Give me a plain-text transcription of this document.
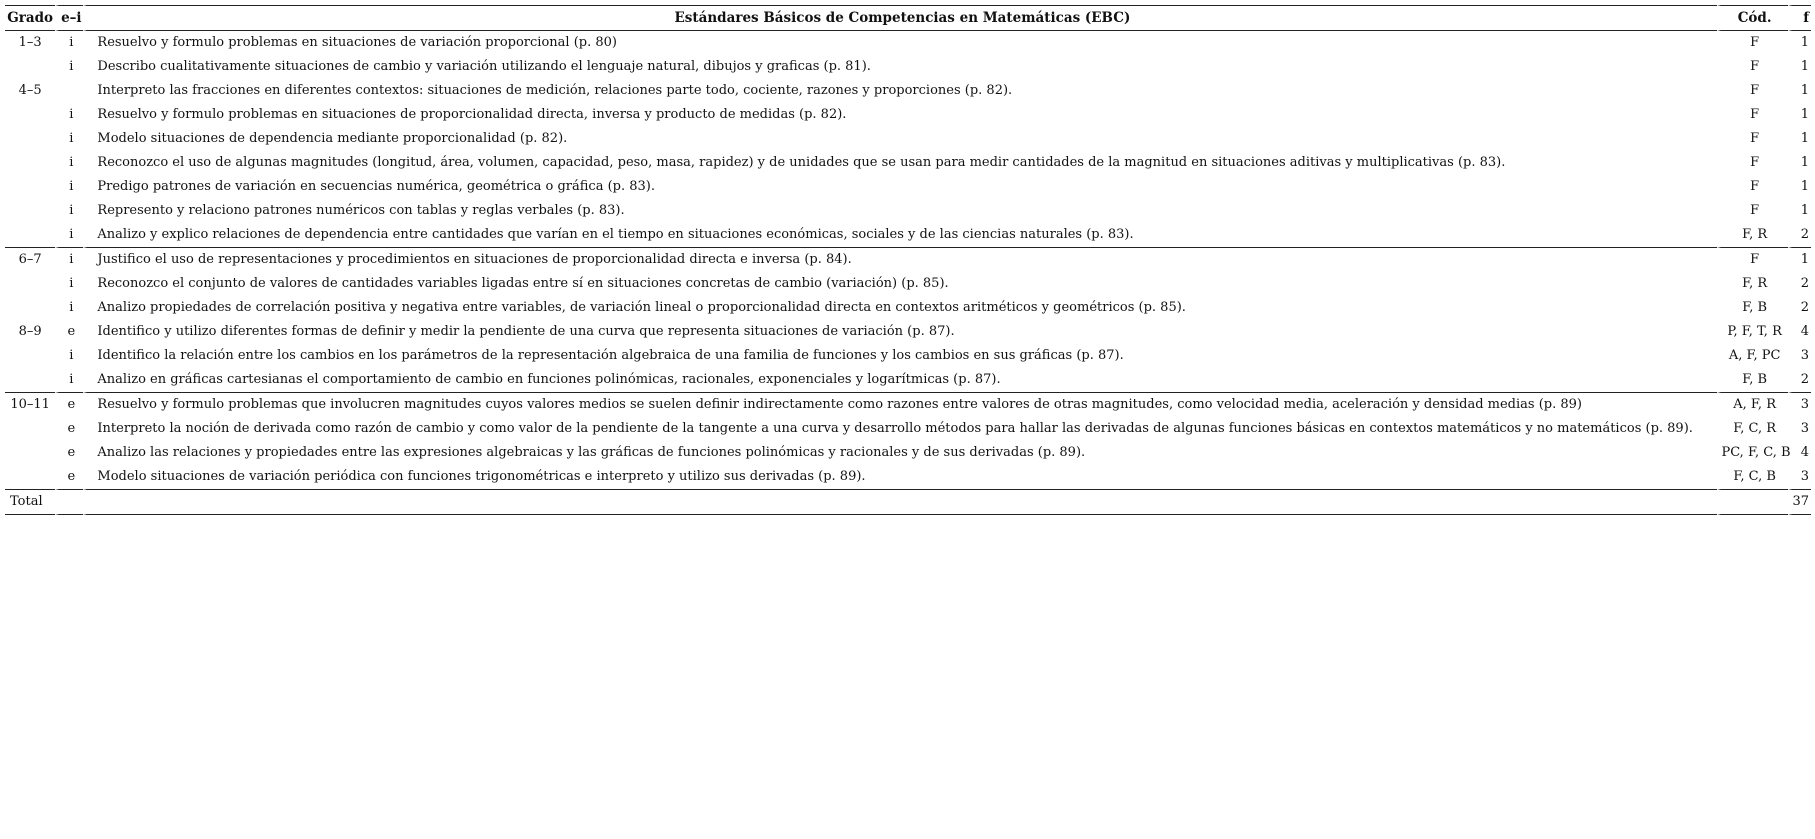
Grado	e–i	Estándares Básicos de Competencias en Matemáticas (EBC)	Cód.	f
1–3	i	Resuelvo y formulo problemas en situaciones de variación proporcional (p. 80)	F	1
	i	Describo cualitativamente situaciones de cambio y variación utilizando el lenguaje natural, dibujos y graficas (p. 81).	F	1
4–5		Interpreto las fracciones en diferentes contextos: situaciones de medición, relaciones parte todo, cociente, razones y proporciones (p. 82).	F	1
	i	Resuelvo y formulo problemas en situaciones de proporcionalidad directa, inversa y producto de medidas (p. 82).	F	1
	i	Modelo situaciones de dependencia mediante proporcionalidad (p. 82).	F	1
	i	Reconozco el uso de algunas magnitudes (longitud, área, volumen, capacidad, peso, masa, rapidez) y de unidades que se usan para medir cantidades de la magnitud en situaciones aditivas y multiplicativas (p. 83).	F	1
	i	Predigo patrones de variación en secuencias numérica, geométrica o gráfica (p. 83).	F	1
	i	Represento y relaciono patrones numéricos con tablas y reglas verbales (p. 83).	F	1
	i	Analizo y explico relaciones de dependencia entre cantidades que varían en el tiempo en situaciones económicas, sociales y de las ciencias naturales (p. 83).	F, R	2
6–7	i	Justifico el uso de representaciones y procedimientos en situaciones de proporcionalidad directa e inversa (p. 84).	F	1
	i	Reconozco el conjunto de valores de cantidades variables ligadas entre sí en situaciones concretas de cambio (variación) (p. 85).	F, R	2
	i	Analizo propiedades de correlación positiva y negativa entre variables, de variación lineal o proporcionalidad directa en contextos aritméticos y geométricos (p. 85).	F, B	2
8–9	e	Identifico y utilizo diferentes formas de definir y medir la pendiente de una curva que representa situaciones de variación (p. 87).	P, F, T, R	4
	i	Identifico la relación entre los cambios en los parámetros de la representación algebraica de una familia de funciones y los cambios en sus gráficas (p. 87).	A, F, PC	3
	i	Analizo en gráficas cartesianas el comportamiento de cambio en funciones polinómicas, racionales, exponenciales y logarítmicas (p. 87).	F, B	2
10–11	e	Resuelvo y formulo problemas que involucren magnitudes cuyos valores medios se suelen definir indirectamente como razones entre valores de otras magnitudes, como velocidad media, aceleración y densidad medias (p. 89)	A, F, R	3
	e	Interpreto la noción de derivada como razón de cambio y como valor de la pendiente de la tangente a una curva y desarrollo métodos para hallar las derivadas de algunas funciones básicas en contextos matemáticos y no matemáticos (p. 89).	F, C, R	3
	e	Analizo las relaciones y propiedades entre las expresiones algebraicas y las gráficas de funciones polinómicas y racionales y de sus derivadas (p. 89).	PC, F, C, B	4
	e	Modelo situaciones de variación periódica con funciones trigonométricas e interpreto y utilizo sus derivadas (p. 89).	F, C, B	3
Total				37
